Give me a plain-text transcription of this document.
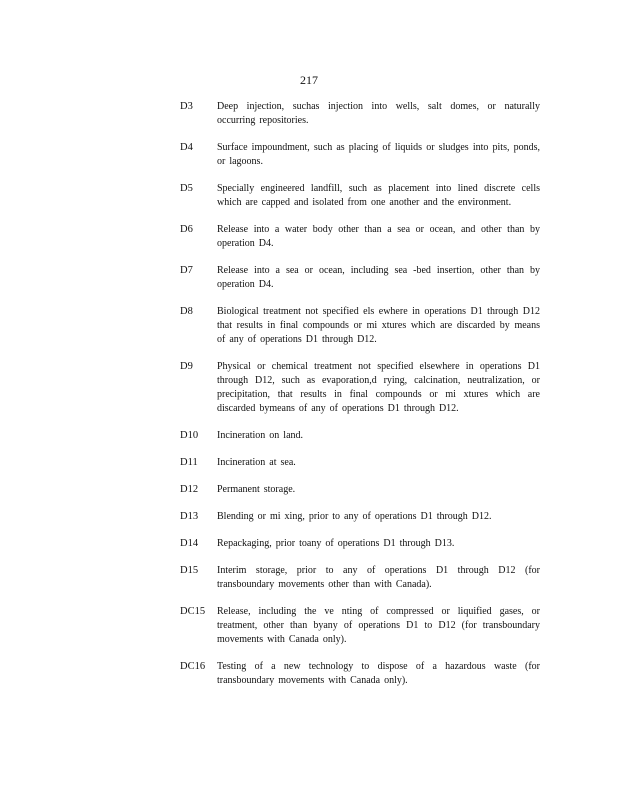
217
D3	Deep injection, suchas injection into wells, salt domes, or naturally occurring repositories.
D4	Surface impoundment, such as placing of liquids or sludges into pits, ponds, or lagoons.
D5	Specially engineered landfill, such as placement into lined discrete cells which are capped and isolated from one another and the environment.
D6	Release into a water body other than a sea or ocean, and other than by operation D4.
D7	Release into a sea or ocean, including sea -bed insertion, other than by operation D4.
D8	Biological treatment not specified els ewhere in operations D1 through D12 that results in final compounds or mi xtures which are discarded by means of any of operations D1 through D12.
D9	Physical or chemical treatment not specified elsewhere in operations D1 through D12, such as evaporation,d rying, calcination, neutralization, or precipitation, that results in final compounds or mi xtures which are discarded bymeans of any of operations D1 through D12.
D10	Incineration on land.
D11	Incineration at sea.
D12	Permanent storage.
D13	Blending or mi xing, prior to any of operations D1 through D12.
D14	Repackaging, prior toany of operations D1 through D13.
D15	Interim storage, prior to any of operations D1 through D12 (for transboundary movements other than with Canada).
DC15	Release, including the ve nting of compressed or liquified gases, or treatment, other than byany of operations D1 to D12 (for transboundary movements with Canada only).
DC16	Testing of a new technology to dispose of a hazardous waste (for transboundary movements with Canada only).
